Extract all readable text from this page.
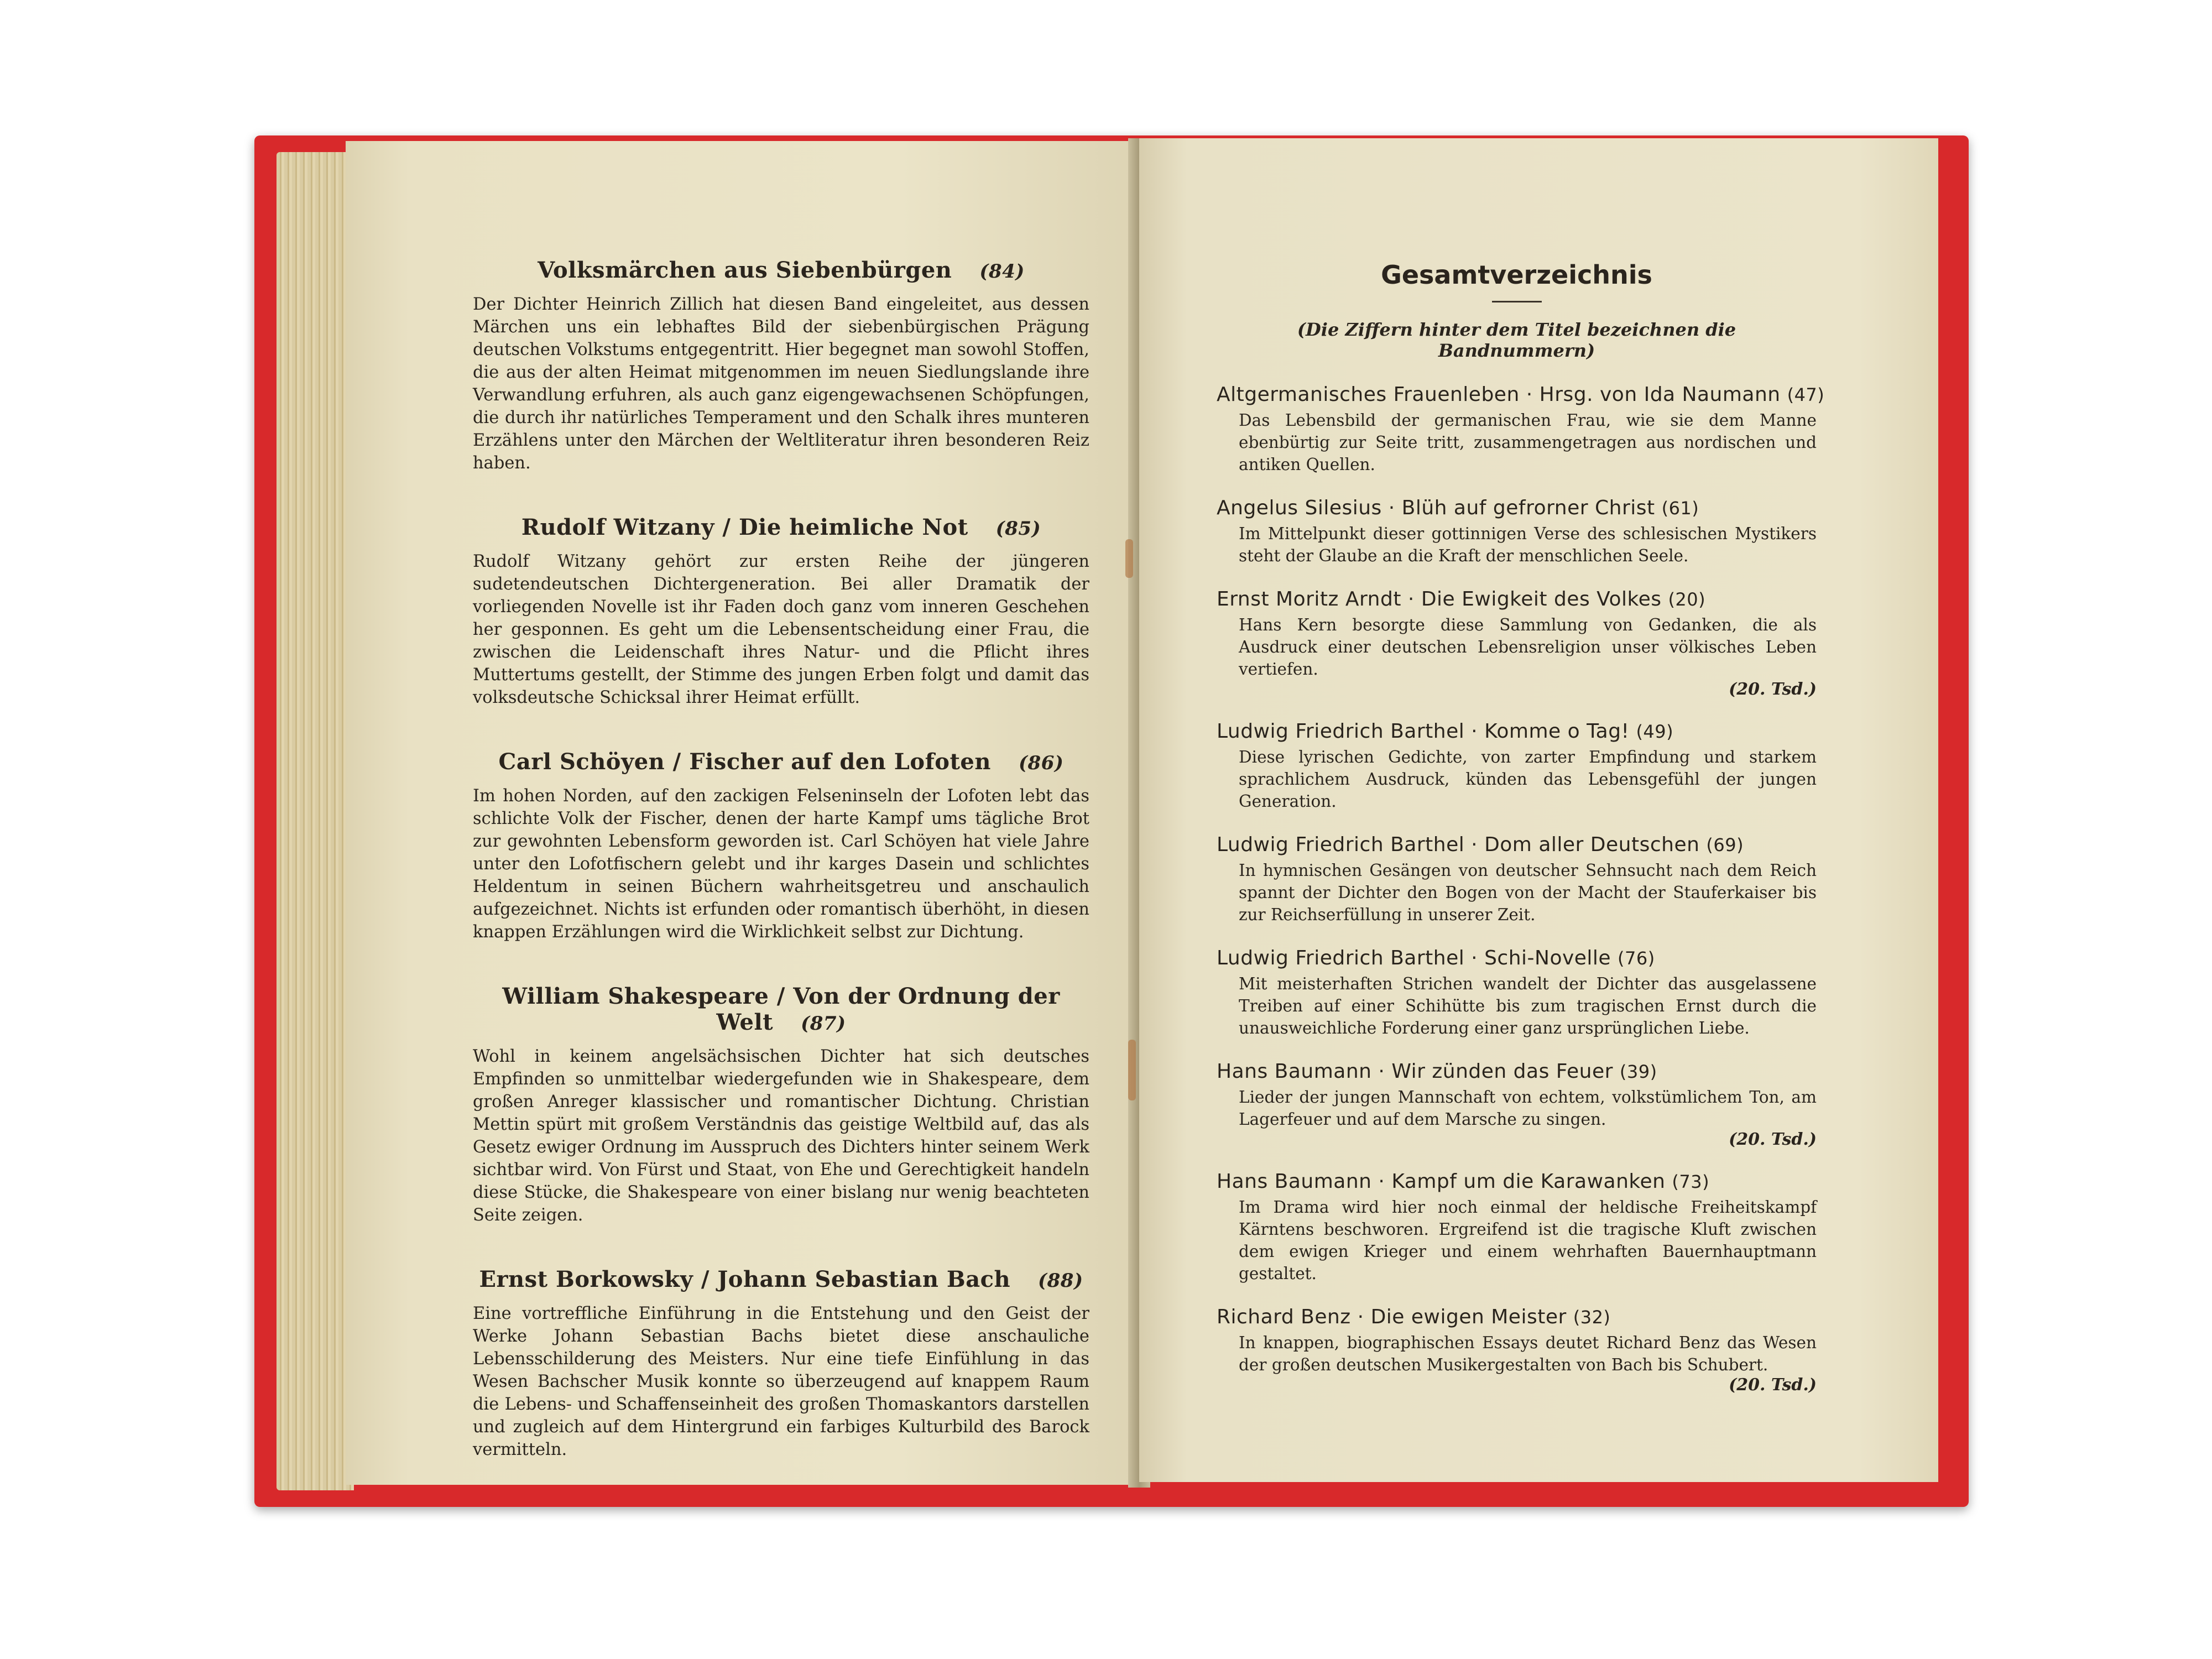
Volksmärchen aus Siebenbürgen (84)
Der Dichter Heinrich Zillich hat diesen Band eingeleitet, aus dessen Märchen uns ein lebhaftes Bild der siebenbürgischen Prägung deutschen Volkstums entgegentritt. Hier begegnet man sowohl Stoffen, die aus der alten Heimat mitgenommen im neuen Siedlungslande ihre Verwandlung erfuhren, als auch ganz eigengewachsenen Schöpfungen, die durch ihr natürliches Temperament und den Schalk ihres munteren Erzählens unter den Märchen der Weltliteratur ihren besonderen Reiz haben.
Rudolf Witzany / Die heimliche Not (85)
Rudolf Witzany gehört zur ersten Reihe der jüngeren sudetendeutschen Dichtergeneration. Bei aller Dramatik der vorliegenden Novelle ist ihr Faden doch ganz vom inneren Geschehen her gesponnen. Es geht um die Lebensentscheidung einer Frau, die zwischen die Leidenschaft ihres Natur- und die Pflicht ihres Muttertums gestellt, der Stimme des jungen Erben folgt und damit das volksdeutsche Schicksal ihrer Heimat erfüllt.
Carl Schöyen / Fischer auf den Lofoten (86)
Im hohen Norden, auf den zackigen Felseninseln der Lofoten lebt das schlichte Volk der Fischer, denen der harte Kampf ums tägliche Brot zur gewohnten Lebensform geworden ist. Carl Schöyen hat viele Jahre unter den Lofotfischern gelebt und ihr karges Dasein und schlichtes Heldentum in seinen Büchern wahrheitsgetreu und anschaulich aufgezeichnet. Nichts ist erfunden oder romantisch überhöht, in diesen knappen Erzählungen wird die Wirklichkeit selbst zur Dichtung.
William Shakespeare / Von der Ordnung der Welt (87)
Wohl in keinem angelsächsischen Dichter hat sich deutsches Empfinden so unmittelbar wiedergefunden wie in Shakespeare, dem großen Anreger klassischer und romantischer Dichtung. Christian Mettin spürt mit großem Verständnis das geistige Weltbild auf, das als Gesetz ewiger Ordnung im Ausspruch des Dichters hinter seinem Werk sichtbar wird. Von Fürst und Staat, von Ehe und Gerechtigkeit handeln diese Stücke, die Shakespeare von einer bislang nur wenig beachteten Seite zeigen.
Ernst Borkowsky / Johann Sebastian Bach (88)
Eine vortreffliche Einführung in die Entstehung und den Geist der Werke Johann Sebastian Bachs bietet diese anschauliche Lebensschilderung des Meisters. Nur eine tiefe Einfühlung in das Wesen Bachscher Musik konnte so überzeugend auf knappem Raum die Lebens- und Schaffenseinheit des großen Thomaskantors darstellen und zugleich auf dem Hintergrund ein farbiges Kulturbild des Barock vermitteln.
Gesamtverzeichnis
(Die Ziffern hinter dem Titel bezeichnen die Bandnummern)
Altgermanisches Frauenleben · Hrsg. von Ida Naumann (47)
Das Lebensbild der germanischen Frau, wie sie dem Manne ebenbürtig zur Seite tritt, zusammengetragen aus nordischen und antiken Quellen.
Angelus Silesius · Blüh auf gefrorner Christ (61)
Im Mittelpunkt dieser gottinnigen Verse des schlesischen Mystikers steht der Glaube an die Kraft der menschlichen Seele.
Ernst Moritz Arndt · Die Ewigkeit des Volkes (20)
Hans Kern besorgte diese Sammlung von Gedanken, die als Ausdruck einer deutschen Lebensreligion unser völkisches Leben vertiefen.
(20. Tsd.)
Ludwig Friedrich Barthel · Komme o Tag! (49)
Diese lyrischen Gedichte, von zarter Empfindung und starkem sprachlichem Ausdruck, künden das Lebensgefühl der jungen Generation.
Ludwig Friedrich Barthel · Dom aller Deutschen (69)
In hymnischen Gesängen von deutscher Sehnsucht nach dem Reich spannt der Dichter den Bogen von der Macht der Stauferkaiser bis zur Reichserfüllung in unserer Zeit.
Ludwig Friedrich Barthel · Schi-Novelle (76)
Mit meisterhaften Strichen wandelt der Dichter das ausgelassene Treiben auf einer Schihütte bis zum tragischen Ernst durch die unausweichliche Forderung einer ganz ursprünglichen Liebe.
Hans Baumann · Wir zünden das Feuer (39)
Lieder der jungen Mannschaft von echtem, volkstümlichem Ton, am Lagerfeuer und auf dem Marsche zu singen.
(20. Tsd.)
Hans Baumann · Kampf um die Karawanken (73)
Im Drama wird hier noch einmal der heldische Freiheitskampf Kärntens beschworen. Ergreifend ist die tragische Kluft zwischen dem ewigen Krieger und einem wehrhaften Bauernhauptmann gestaltet.
Richard Benz · Die ewigen Meister (32)
In knappen, biographischen Essays deutet Richard Benz das Wesen der großen deutschen Musikergestalten von Bach bis Schubert.
(20. Tsd.)
